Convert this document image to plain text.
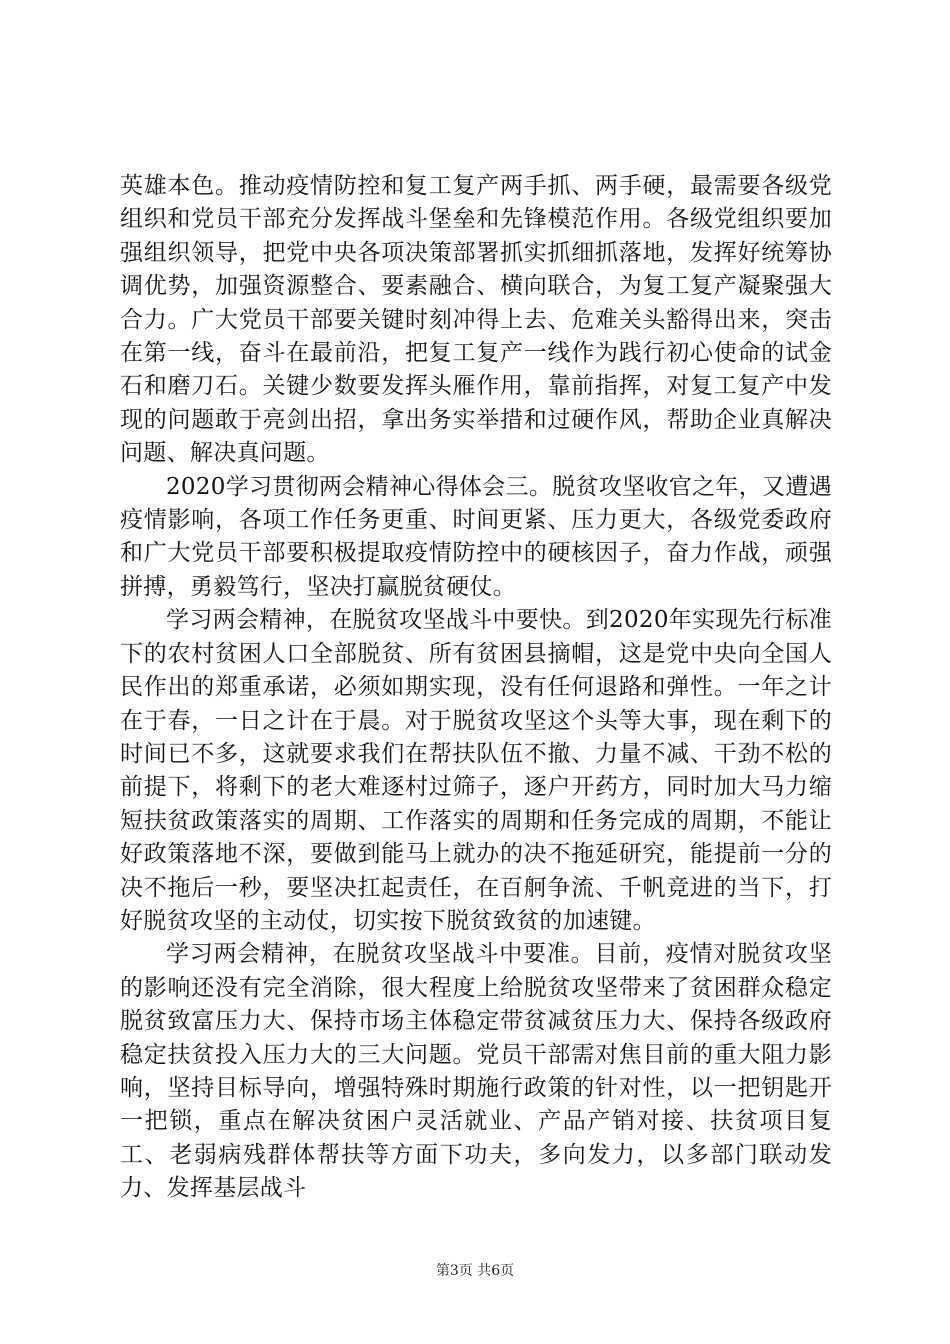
英雄本色。推动疫情防控和复工复产两手抓、两手硬，最需要各级党组织和党员干部充分发挥战斗堡垒和先锋模范作用。各级党组织要加强组织领导，把党中央各项决策部署抓实抓细抓落地，发挥好统筹协调优势，加强资源整合、要素融合、横向联合，为复工复产凝聚强大合力。广大党员干部要关键时刻冲得上去、危难关头豁得出来，突击在第一线，奋斗在最前沿，把复工复产一线作为践行初心使命的试金石和磨刀石。关键少数要发挥头雁作用，靠前指挥，对复工复产中发现的问题敢于亮剑出招，拿出务实举措和过硬作风，帮助企业真解决问题、解决真问题。

2020学习贯彻两会精神心得体会三。脱贫攻坚收官之年，又遭遇疫情影响，各项工作任务更重、时间更紧、压力更大，各级党委政府和广大党员干部要积极提取疫情防控中的硬核因子，奋力作战，顽强拼搏，勇毅笃行，坚决打赢脱贫硬仗。

学习两会精神，在脱贫攻坚战斗中要快。到2020年实现先行标准下的农村贫困人口全部脱贫、所有贫困县摘帽，这是党中央向全国人民作出的郑重承诺，必须如期实现，没有任何退路和弹性。一年之计在于春，一日之计在于晨。对于脱贫攻坚这个头等大事，现在剩下的时间已不多，这就要求我们在帮扶队伍不撤、力量不减、干劲不松的前提下，将剩下的老大难逐村过筛子，逐户开药方，同时加大马力缩短扶贫政策落实的周期、工作落实的周期和任务完成的周期，不能让好政策落地不深，要做到能马上就办的决不拖延研究，能提前一分的决不拖后一秒，要坚决扛起责任，在百舸争流、千帆竞进的当下，打好脱贫攻坚的主动仗，切实按下脱贫致贫的加速键。

学习两会精神，在脱贫攻坚战斗中要准。目前，疫情对脱贫攻坚的影响还没有完全消除，很大程度上给脱贫攻坚带来了贫困群众稳定脱贫致富压力大、保持市场主体稳定带贫减贫压力大、保持各级政府稳定扶贫投入压力大的三大问题。党员干部需对焦目前的重大阻力影响，坚持目标导向，增强特殊时期施行政策的针对性，以一把钥匙开一把锁，重点在解决贫困户灵活就业、产品产销对接、扶贫项目复工、老弱病残群体帮扶等方面下功夫，多向发力，以多部门联动发力、发挥基层战斗

第3页 共6页
